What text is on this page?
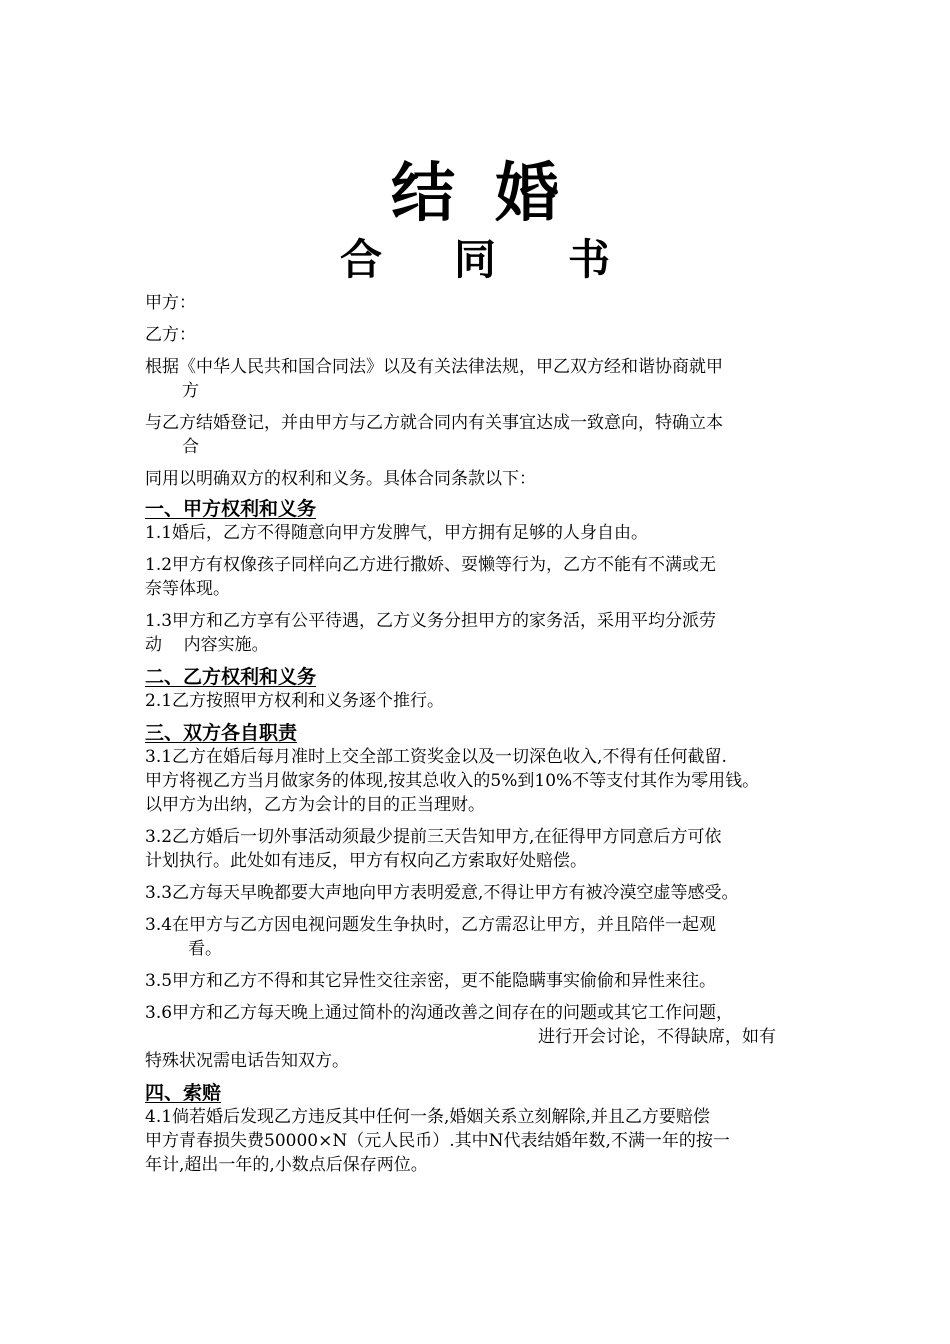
结婚
合同书
甲方：
乙方：
根据《中华人民共和国合同法》以及有关法律法规，甲乙双方经和谐协商就甲
方
与乙方结婚登记，并由甲方与乙方就合同内有关事宜达成一致意向，特确立本
合
同用以明确双方的权利和义务。具体合同条款以下：
一、甲方权利和义务
1.1婚后，乙方不得随意向甲方发脾气，甲方拥有足够的人身自由。
1.2甲方有权像孩子同样向乙方进行撒娇、耍懒等行为，乙方不能有不满或无
奈等体现。
1.3甲方和乙方享有公平待遇，乙方义务分担甲方的家务活，采用平均分派劳
动    内容实施。
二、乙方权利和义务
2.1乙方按照甲方权利和义务逐个推行。
三、双方各自职责
3.1乙方在婚后每月准时上交全部工资奖金以及一切深色收入,不得有任何截留.
甲方将视乙方当月做家务的体现,按其总收入的5%到10%不等支付其作为零用钱。
以甲方为出纳，乙方为会计的目的正当理财。
3.2乙方婚后一切外事活动须最少提前三天告知甲方,在征得甲方同意后方可依
计划执行。此处如有违反，甲方有权向乙方索取好处赔偿。
3.3乙方每天早晚都要大声地向甲方表明爱意,不得让甲方有被冷漠空虚等感受。
3.4在甲方与乙方因电视问题发生争执时，乙方需忍让甲方，并且陪伴一起观
看。
3.5甲方和乙方不得和其它异性交往亲密，更不能隐瞒事实偷偷和异性来往。
3.6甲方和乙方每天晚上通过简朴的沟通改善之间存在的问题或其它工作问题，
进行开会讨论，不得缺席，如有
特殊状况需电话告知双方。
四、索赔
4.1倘若婚后发现乙方违反其中任何一条,婚姻关系立刻解除,并且乙方要赔偿
甲方青春损失费50000×N（元人民币）.其中N代表结婚年数,不满一年的按一
年计,超出一年的,小数点后保存两位。
